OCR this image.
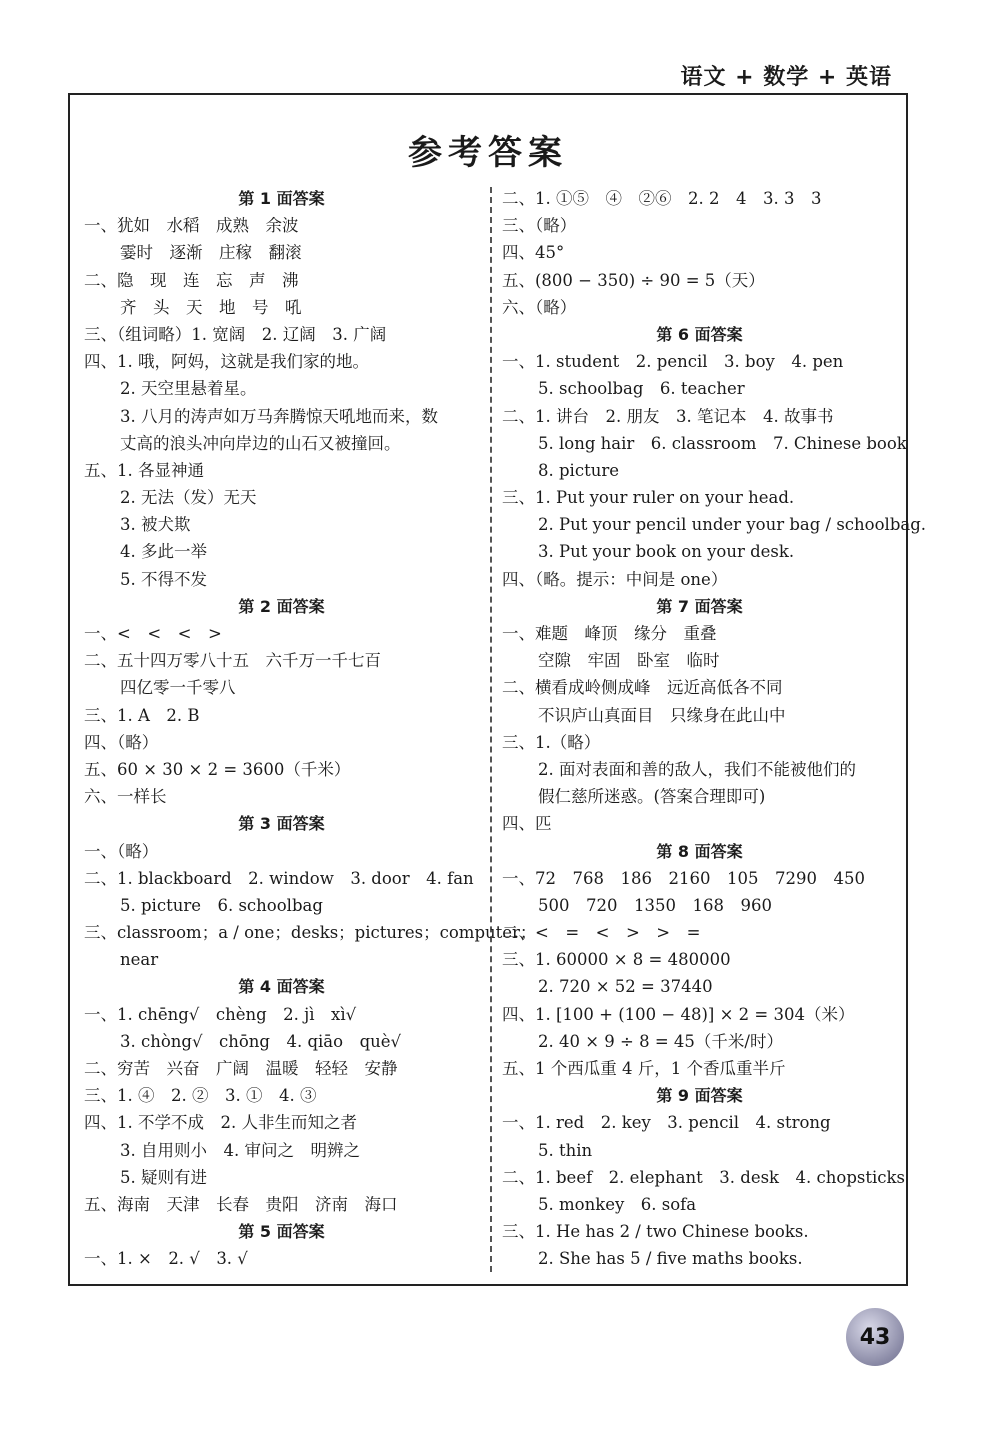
语文 + 数学 + 英语
参考答案
第 1 面答案
一、犹如　水稻　成熟　余波
霎时　逐渐　庄稼　翻滚
二、隐　现　连　忘　声　沸
齐　头　天　地　号　吼
三、（组词略）1. 宽阔　2. 辽阔　3. 广阔
四、1. 哦，阿妈，这就是我们家的地。
2. 天空里悬着星。
3. 八月的涛声如万马奔腾惊天吼地而来，数
丈高的浪头冲向岸边的山石又被撞回。
五、1. 各显神通
2. 无法（发）无天
3. 被犬欺
4. 多此一举
5. 不得不发
第 2 面答案
一、<　<　<　>
二、五十四万零八十五　六千万一千七百
四亿零一千零八
三、1. A　2. B
四、（略）
五、60 × 30 × 2 = 3600（千米）
六、一样长
第 3 面答案
一、（略）
二、1. blackboard　2. window　3. door　4. fan
5. picture　6. schoolbag
三、classroom；a / one；desks；pictures；computer；
near
第 4 面答案
一、1. chēng√　chèng　2. jì　xì√
3. chòng√　chōng　4. qiāo　què√
二、穷苦　兴奋　广阔　温暖　轻轻　安静
三、1. ④　2. ②　3. ①　4. ③
四、1. 不学不成　2. 人非生而知之者
3. 自用则小　4. 审问之　明辨之
5. 疑则有进
五、海南　天津　长春　贵阳　济南　海口
第 5 面答案
一、1. ×　2. √　3. √
二、1. ①⑤　④　②⑥　2. 2　4　3. 3　3
三、（略）
四、45°
五、(800 − 350) ÷ 90 = 5（天）
六、（略）
第 6 面答案
一、1. student　2. pencil　3. boy　4. pen
5. schoolbag　6. teacher
二、1. 讲台　2. 朋友　3. 笔记本　4. 故事书
5. long hair　6. classroom　7. Chinese book
8. picture
三、1. Put your ruler on your head.
2. Put your pencil under your bag / schoolbag.
3. Put your book on your desk.
四、（略。提示：中间是 one）
第 7 面答案
一、难题　峰顶　缘分　重叠
空隙　牢固　卧室　临时
二、横看成岭侧成峰　远近高低各不同
不识庐山真面目　只缘身在此山中
三、1.（略）
2. 面对表面和善的敌人，我们不能被他们的
假仁慈所迷惑。(答案合理即可)
四、匹
第 8 面答案
一、72　768　186　2160　105　7290　450
500　720　1350　168　960
二、<　=　<　>　>　=
三、1. 60000 × 8 = 480000
2. 720 × 52 = 37440
四、1. [100 + (100 − 48)] × 2 = 304（米）
2. 40 × 9 ÷ 8 = 45（千米/时）
五、1 个西瓜重 4 斤，1 个香瓜重半斤
第 9 面答案
一、1. red　2. key　3. pencil　4. strong
5. thin
二、1. beef　2. elephant　3. desk　4. chopsticks
5. monkey　6. sofa
三、1. He has 2 / two Chinese books.
2. She has 5 / five maths books.
43
